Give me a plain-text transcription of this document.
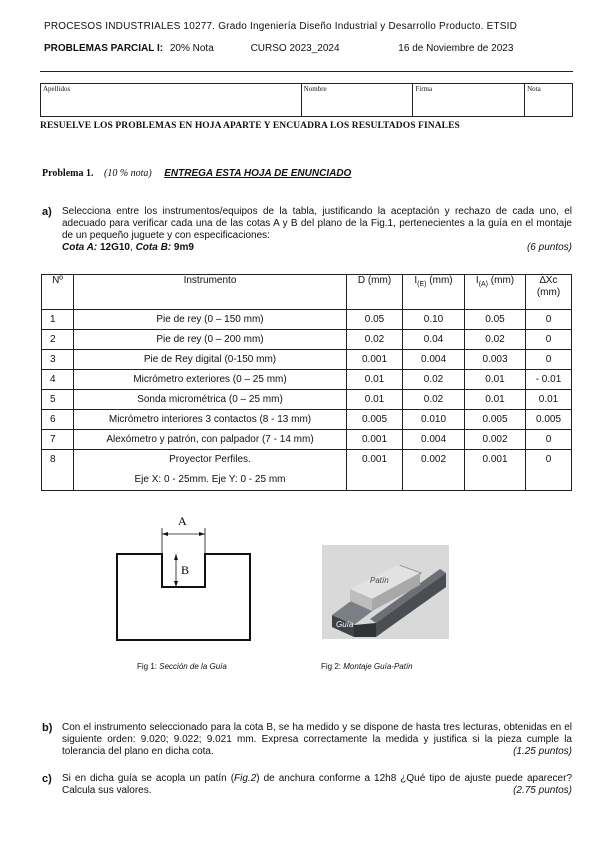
PROCESOS INDUSTRIALES 10277. Grado Ingeniería Diseño Industrial y Desarrollo Producto. ETSID
PROBLEMAS PARCIAL I: 20% Nota	CURSO 2023_2024	16 de Noviembre de 2023
Apellidos	Nombre	Firma	Nota
RESUELVE LOS PROBLEMAS EN HOJA APARTE Y ENCUADRA LOS RESULTADOS FINALES
Problema 1. (10 % nota) ENTREGA ESTA HOJA DE ENUNCIADO
a) Selecciona entre los instrumentos/equipos de la tabla, justificando la aceptación y rechazo de cada uno, el adecuado para verificar cada una de las cotas A y B del plano de la Fig.1, pertenecientes a la guía en el montaje de un pequeño juguete y con especificaciones:
Cota A: 12G10, Cota B: 9m9	(6 puntos)
Nº	Instrumento	D (mm)	$I_{(E)}$ (mm)	$I_{(A)}$ (mm)	∆Xc
(mm)
1	Pie de rey (0 – 150 mm)	0.05	0.10	0.05	0
2	Pie de rey (0 – 200 mm)	0.02	0.04	0.02	0
3	Pie de Rey digital (0-150 mm)	0.001	0.004	0.003	0
4	Micrómetro exteriores (0 – 25 mm)	0.01	0.02	0.01	- 0.01
5	Sonda micrométrica (0 – 25 mm)	0.01	0.02	0.01	0.01
6	Micrómetro interiores 3 contactos (8 - 13 mm)	0.005	0.010	0.005	0.005
7	Alexómetro y patrón, con palpador (7 - 14 mm)	0.001	0.004	0.002	0
8	Proyector Perfiles.
Eje X: 0 - 25mm. Eje Y: 0 - 25 mm	0.001	0.002	0.001	0
A
B
Fig 1: Sección de la Guía
Patín
Guía
Fig 2: Montaje Guía-Patín
b) Con el instrumento seleccionado para la cota B, se ha medido y se dispone de hasta tres lecturas, obtenidas en el siguiente orden: 9.020; 9.022; 9.021 mm. Expresa correctamente la medida y justifica si la pieza cumple la tolerancia del plano en dicha cota.	(1.25 puntos)
c) Si en dicha guía se acopla un patín (Fig.2) de anchura conforme a 12h8 ¿Qué tipo de ajuste puede aparecer? Calcula sus valores.	(2.75 puntos)
